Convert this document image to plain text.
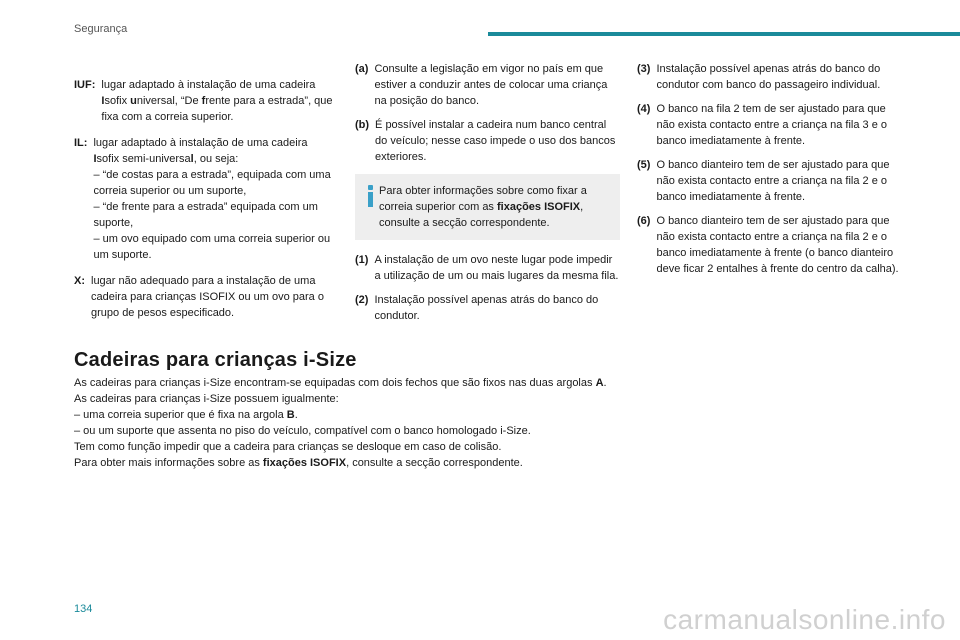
Segurança
IUF: lugar adaptado à instalação de uma cadeira Isofix universal, “De frente para a estrada”, que fixa com a correia superior.
IL: lugar adaptado à instalação de uma cadeira Isofix semi-universal, ou seja:
– “de costas para a estrada”, equipada com uma correia superior ou um suporte,
– “de frente para a estrada” equipada com um suporte,
– um ovo equipado com uma correia superior ou um suporte.
X: lugar não adequado para a instalação de uma cadeira para crianças ISOFIX ou um ovo para o grupo de pesos especificado.
(a) Consulte a legislação em vigor no país em que estiver a conduzir antes de colocar uma criança na posição do banco.
(b) É possível instalar a cadeira num banco central do veículo; nesse caso impede o uso dos bancos exteriores.
Para obter informações sobre como fixar a correia superior com as fixações ISOFIX, consulte a secção correspondente.
(1) A instalação de um ovo neste lugar pode impedir a utilização de um ou mais lugares da mesma fila.
(2) Instalação possível apenas atrás do banco do condutor.
(3) Instalação possível apenas atrás do banco do condutor com banco do passageiro individual.
(4) O banco na fila 2 tem de ser ajustado para que não exista contacto entre a criança na fila 3 e o banco imediatamente à frente.
(5) O banco dianteiro tem de ser ajustado para que não exista contacto entre a criança na fila 2 e o banco imediatamente à frente.
(6) O banco dianteiro tem de ser ajustado para que não exista contacto entre a criança na fila 2 e o banco imediatamente à frente (o banco dianteiro deve ficar 2 entalhes à frente do centro da calha).
Cadeiras para crianças i-Size
As cadeiras para crianças i-Size encontram-se equipadas com dois fechos que são fixos nas duas argolas A.
As cadeiras para crianças i-Size possuem igualmente:
– uma correia superior que é fixa na argola B.
– ou um suporte que assenta no piso do veículo, compatível com o banco homologado i-Size.
Tem como função impedir que a cadeira para crianças se desloque em caso de colisão.
Para obter mais informações sobre as fixações ISOFIX, consulte a secção correspondente.
134	carmanualsonline.info
